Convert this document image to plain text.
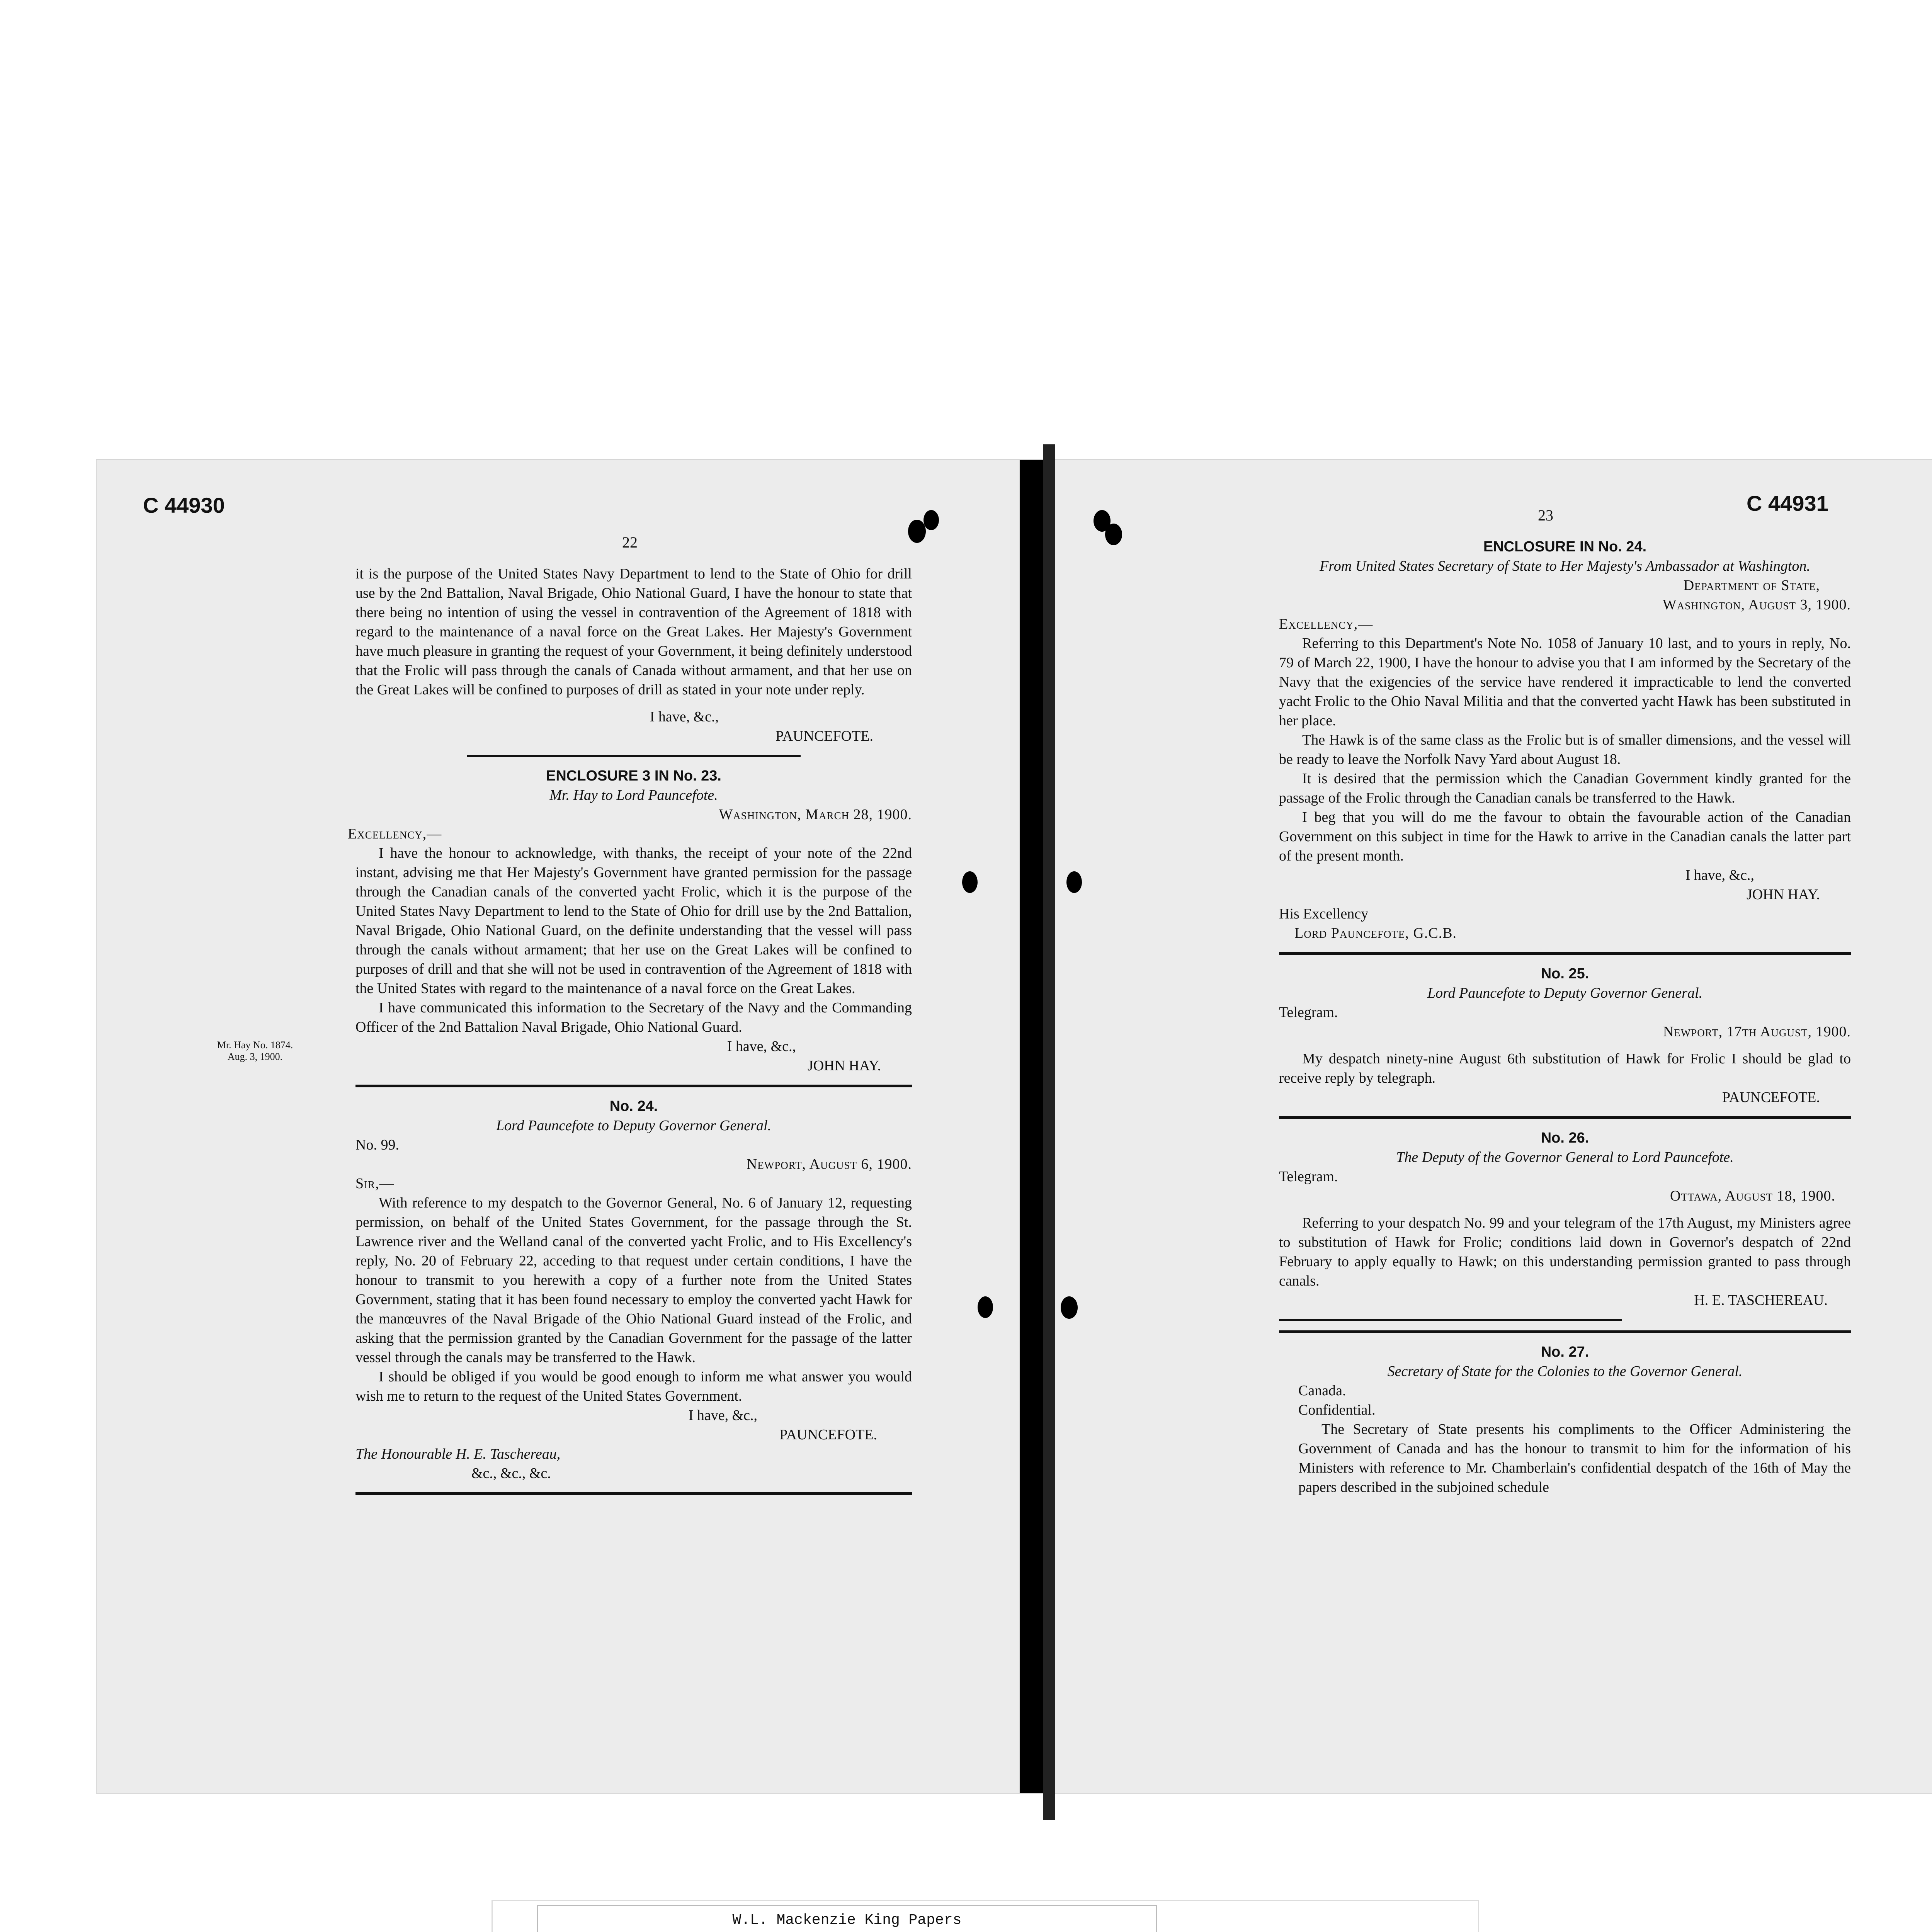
C 44930
22

it is the purpose of the United States Navy Department to lend to the State of Ohio for drill use by the 2nd Battalion, Naval Brigade, Ohio National Guard, I have the honour to state that there being no intention of using the vessel in contravention of the Agreement of 1818 with regard to the maintenance of a naval force on the Great Lakes. Her Majesty's Government have much pleasure in granting the request of your Government, it being definitely understood that the Frolic will pass through the canals of Canada without armament, and that her use on the Great Lakes will be confined to purposes of drill as stated in your note under reply.

I have, &c.,

PAUNCEFOTE.

ENCLOSURE 3 IN No. 23.

Mr. Hay to Lord Pauncefote.

Washington, March 28, 1900.

Excellency,—

I have the honour to acknowledge, with thanks, the receipt of your note of the 22nd instant, advising me that Her Majesty's Government have granted permission for the passage through the Canadian canals of the converted yacht Frolic, which it is the purpose of the United States Navy Department to lend to the State of Ohio for drill use by the 2nd Battalion, Naval Brigade, Ohio National Guard, on the definite understanding that the vessel will pass through the canals without armament; that her use on the Great Lakes will be confined to purposes of drill and that she will not be used in contravention of the Agreement of 1818 with the United States with regard to the maintenance of a naval force on the Great Lakes.

I have communicated this information to the Secretary of the Navy and the Commanding Officer of the 2nd Battalion Naval Brigade, Ohio National Guard.

I have, &c.,

JOHN HAY.

No. 24.

Lord Pauncefote to Deputy Governor General.

No. 99.

Newport, August 6, 1900.

Sir,—

With reference to my despatch to the Governor General, No. 6 of January 12, requesting permission, on behalf of the United States Government, for the passage through the St. Lawrence river and the Welland canal of the converted yacht Frolic, and to His Excellency's reply, No. 20 of February 22, acceding to that request under certain conditions, I have the honour to transmit to you herewith a copy of a further note from the United States Government, stating that it has been found necessary to employ the converted yacht Hawk for the manœuvres of the Naval Brigade of the Ohio National Guard instead of the Frolic, and asking that the permission granted by the Canadian Government for the passage of the latter vessel through the canals may be transferred to the Hawk.

I should be obliged if you would be good enough to inform me what answer you would wish me to return to the request of the United States Government.

I have, &c.,

PAUNCEFOTE.

The Honourable H. E. Taschereau,

&c., &c., &c.

Mr. Hay No. 1874. Aug. 3, 1900.
C 44931
23

ENCLOSURE IN No. 24.

From United States Secretary of State to Her Majesty's Ambassador at Washington.

Department of State,

Washington, August 3, 1900.

Excellency,—

Referring to this Department's Note No. 1058 of January 10 last, and to yours in reply, No. 79 of March 22, 1900, I have the honour to advise you that I am informed by the Secretary of the Navy that the exigencies of the service have rendered it impracticable to lend the converted yacht Frolic to the Ohio Naval Militia and that the converted yacht Hawk has been substituted in her place.

The Hawk is of the same class as the Frolic but is of smaller dimensions, and the vessel will be ready to leave the Norfolk Navy Yard about August 18.

It is desired that the permission which the Canadian Government kindly granted for the passage of the Frolic through the Canadian canals be transferred to the Hawk.

I beg that you will do me the favour to obtain the favourable action of the Canadian Government on this subject in time for the Hawk to arrive in the Canadian canals the latter part of the present month.

I have, &c.,

JOHN HAY.

His Excellency

Lord Pauncefote, G.C.B.

No. 25.

Lord Pauncefote to Deputy Governor General.

Telegram.

Newport, 17th August, 1900.

My despatch ninety-nine August 6th substitution of Hawk for Frolic I should be glad to receive reply by telegraph.

PAUNCEFOTE.

No. 26.

The Deputy of the Governor General to Lord Pauncefote.

Telegram.

Ottawa, August 18, 1900.

Referring to your despatch No. 99 and your telegram of the 17th August, my Ministers agree to substitution of Hawk for Frolic; conditions laid down in Governor's despatch of 22nd February to apply equally to Hawk; on this understanding permission granted to pass through canals.

H. E. TASCHEREAU.

No. 27.

Secretary of State for the Colonies to the Governor General.

Canada.

Confidential.

The Secretary of State presents his compliments to the Officer Administering the Government of Canada and has the honour to transmit to him for the information of his Ministers with reference to Mr. Chamberlain's confidential despatch of the 16th of May the papers described in the subjoined schedule

W.L. Mackenzie King Papers
